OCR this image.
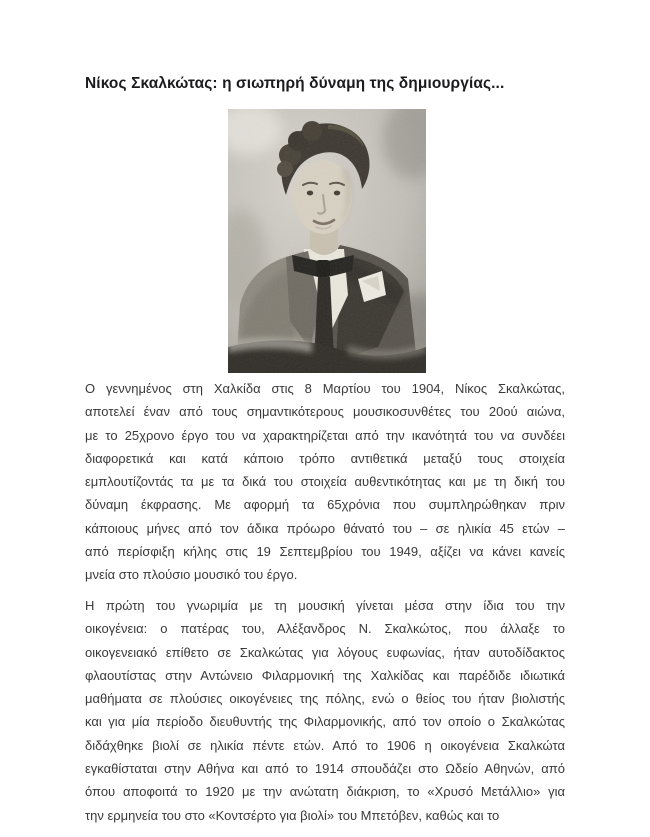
Νίκος Σκαλκώτας: η σιωπηρή δύναμη της δημιουργίας...
Ο γεννημένος στη Χαλκίδα στις 8 Μαρτίου του 1904, Νίκος Σκαλκώτας,
αποτελεί έναν από τους σημαντικότερους μουσικοσυνθέτες του 20ού αιώνα,
με το 25χρονο έργο του να χαρακτηρίζεται από την ικανότητά του να συνδέει
διαφορετικά και κατά κάποιο τρόπο αντιθετικά μεταξύ τους στοιχεία
εμπλουτίζοντάς τα με τα δικά του στοιχεία αυθεντικότητας και με τη δική του
δύναμη έκφρασης. Με αφορμή τα 65χρόνια που συμπληρώθηκαν πριν
κάποιους μήνες από τον άδικα πρόωρο θάνατό του – σε ηλικία 45 ετών –
από περίσφιξη κήλης στις 19 Σεπτεμβρίου του 1949, αξίζει να κάνει κανείς
μνεία στο πλούσιο μουσικό του έργο.
Η πρώτη του γνωριμία με τη μουσική γίνεται μέσα στην ίδια του την
οικογένεια: ο πατέρας του, Αλέξανδρος Ν. Σκαλκώτος, που άλλαξε το
οικογενειακό επίθετο σε Σκαλκώτας για λόγους ευφωνίας, ήταν αυτοδίδακτος
φλαουτίστας στην Αντώνειο Φιλαρμονική της Χαλκίδας και παρέδιδε ιδιωτικά
μαθήματα σε πλούσιες οικογένειες της πόλης, ενώ ο θείος του ήταν βιολιστής
και για μία περίοδο διευθυντής της Φιλαρμονικής, από τον οποίο ο Σκαλκώτας
διδάχθηκε βιολί σε ηλικία πέντε ετών. Από το 1906 η οικογένεια Σκαλκώτα
εγκαθίσταται στην Αθήνα και από το 1914 σπουδάζει στο Ωδείο Αθηνών, από
όπου αποφοιτά το 1920 με την ανώτατη διάκριση, το «Χρυσό Μετάλλιο» για
την ερμηνεία του στο «Κοντσέρτο για βιολί» του Μπετόβεν, καθώς και το
